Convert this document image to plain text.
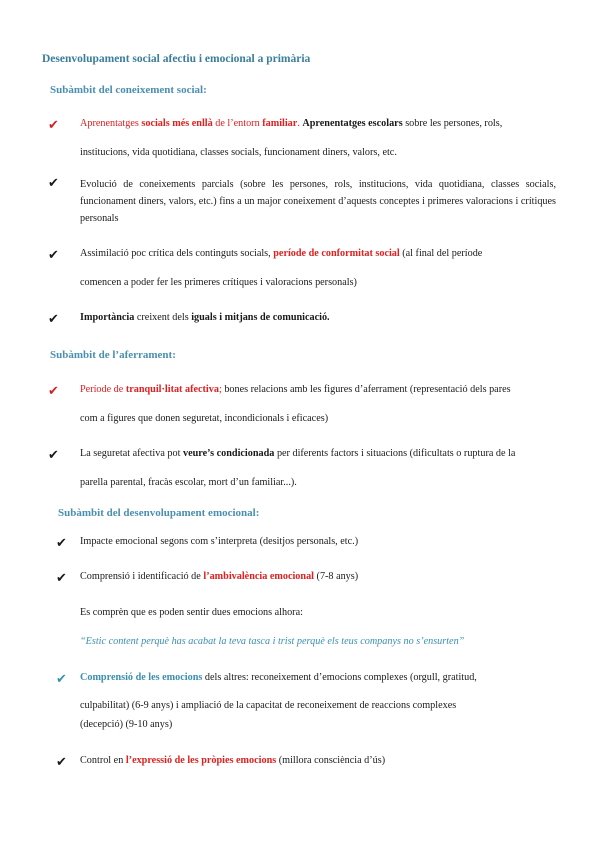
Desenvolupament social afectiu i emocional a primària
Subàmbit del coneixement social:
✔	Aprenentatges socials més enllà de l’entorn familiar. Aprenentatges escolars sobre les persones, rols,
institucions, vida quotidiana, classes socials, funcionament diners, valors, etc.
✔	Evolució de coneixements parcials (sobre les persones, rols, institucions, vida quotidiana, classes socials, funcionament diners, valors, etc.) fins a un major coneixement d’aquests conceptes i primeres valoracions i crítiques personals
✔	Assimilació poc crítica dels continguts socials, període de conformitat social (al final del període
comencen a poder fer les primeres crítiques i valoracions personals)
✔	Importància creixent dels iguals i mitjans de comunicació.
Subàmbit de l’aferrament:
✔	Període de tranquil·litat afectiva; bones relacions amb les figures d’aferrament (representació dels pares
com a figures que donen seguretat, incondicionals i eficaces)
✔	La seguretat afectiva pot veure’s condicionada per diferents factors i situacions (dificultats o ruptura de la
parella parental, fracàs escolar, mort d’un familiar...).
Subàmbit del desenvolupament emocional:
✔	Impacte emocional segons com s’interpreta (desitjos personals, etc.)
✔	Comprensió i identificació de l’ambivalència emocional (7-8 anys)
Es comprèn que es poden sentir dues emocions alhora:
“Estic content perquè has acabat la teva tasca i trist perquè els teus companys no s’ensurten”
✔	Comprensió de les emocions dels altres: reconeixement d’emocions complexes (orgull, gratitud,
culpabilitat) (6-9 anys) i ampliació de la capacitat de reconeixement de reaccions complexes
(decepció) (9-10 anys)
✔	Control en l’expressió de les pròpies emocions (millora consciència d’ús)
